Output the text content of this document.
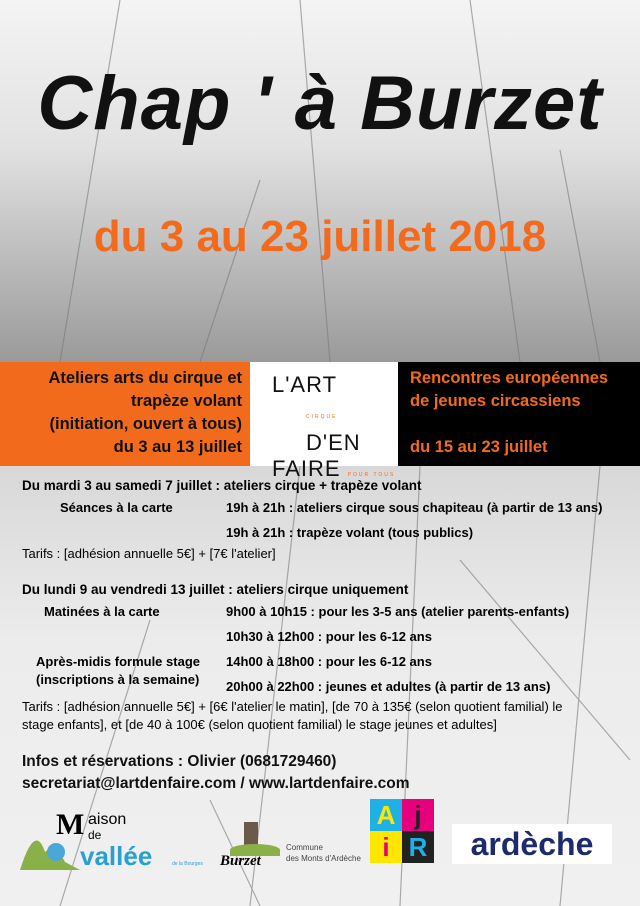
Chap ' à Burzet
du 3 au 23 juillet 2018
Ateliers arts du cirque et
trapèze volant
(initiation, ouvert à tous)
du 3 au 13 juillet
L'ART
CIRQUE D'EN
FAIRE POUR TOUS
Rencontres européennes
de jeunes circassiens
du 15 au 23 juillet
Du mardi 3 au samedi 7 juillet : ateliers cirque + trapèze volant
Séances à la carte	19h à 21h : ateliers cirque sous chapiteau (à partir de 13 ans)
19h à 21h : trapèze volant (tous publics)
Tarifs : [adhésion annuelle 5€] + [7€ l'atelier]
Du lundi 9 au vendredi 13 juillet : ateliers cirque uniquement
Matinées à la carte	9h00 à 10h15 : pour les 3-5 ans (atelier parents-enfants)
10h30 à 12h00 : pour les 6-12 ans
Après-midis formule stage 14h00 à 18h00 : pour les 6-12 ans
(inscriptions à la semaine) 20h00 à 22h00 : jeunes et adultes (à partir de 13 ans)
Tarifs : [adhésion annuelle 5€] + [6€ l'atelier le matin], [de 70 à 135€ (selon quotient familial) le
stage enfants], et [de 40 à 100€ (selon quotient familial) le stage jeunes et adultes]
Infos et réservations : Olivier (0681729460)
secretariat@lartdenfaire.com / www.lartdenfaire.com
M aison
de
vallée	de la Bourges Burzet
Commune
des Monts d'Ardèche
A j
i R	ardèche
